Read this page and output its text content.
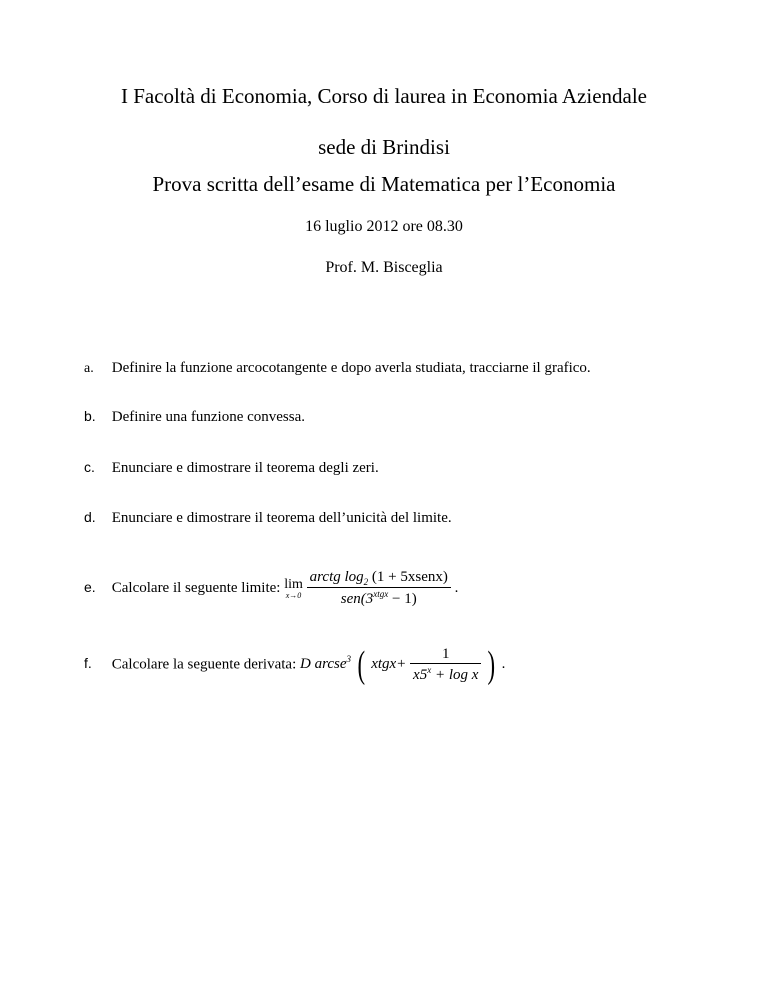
I Facoltà di Economia, Corso di laurea in Economia Aziendale
sede di Brindisi
Prova scritta dell’esame di Matematica per l’Economia
16 luglio 2012 ore 08.30
Prof. M. Bisceglia
a. Definire la funzione arcocotangente e dopo averla studiata, tracciarne il grafico.
b. Definire una funzione convessa.
c. Enunciare e dimostrare il teorema degli zeri.
d. Enunciare e dimostrare il teorema dell’unicità del limite.
e. Calcolare il seguente limite: lim
x→0
$\frac{arctg \log_2 (1 + 5xsenx)}{sen(3^{xtgx} - 1)}$ .
f. Calcolare la seguente derivata: D arcse$^3$ ( xtgx+ $\frac{1}{x5^x + \log x}$ ) .
